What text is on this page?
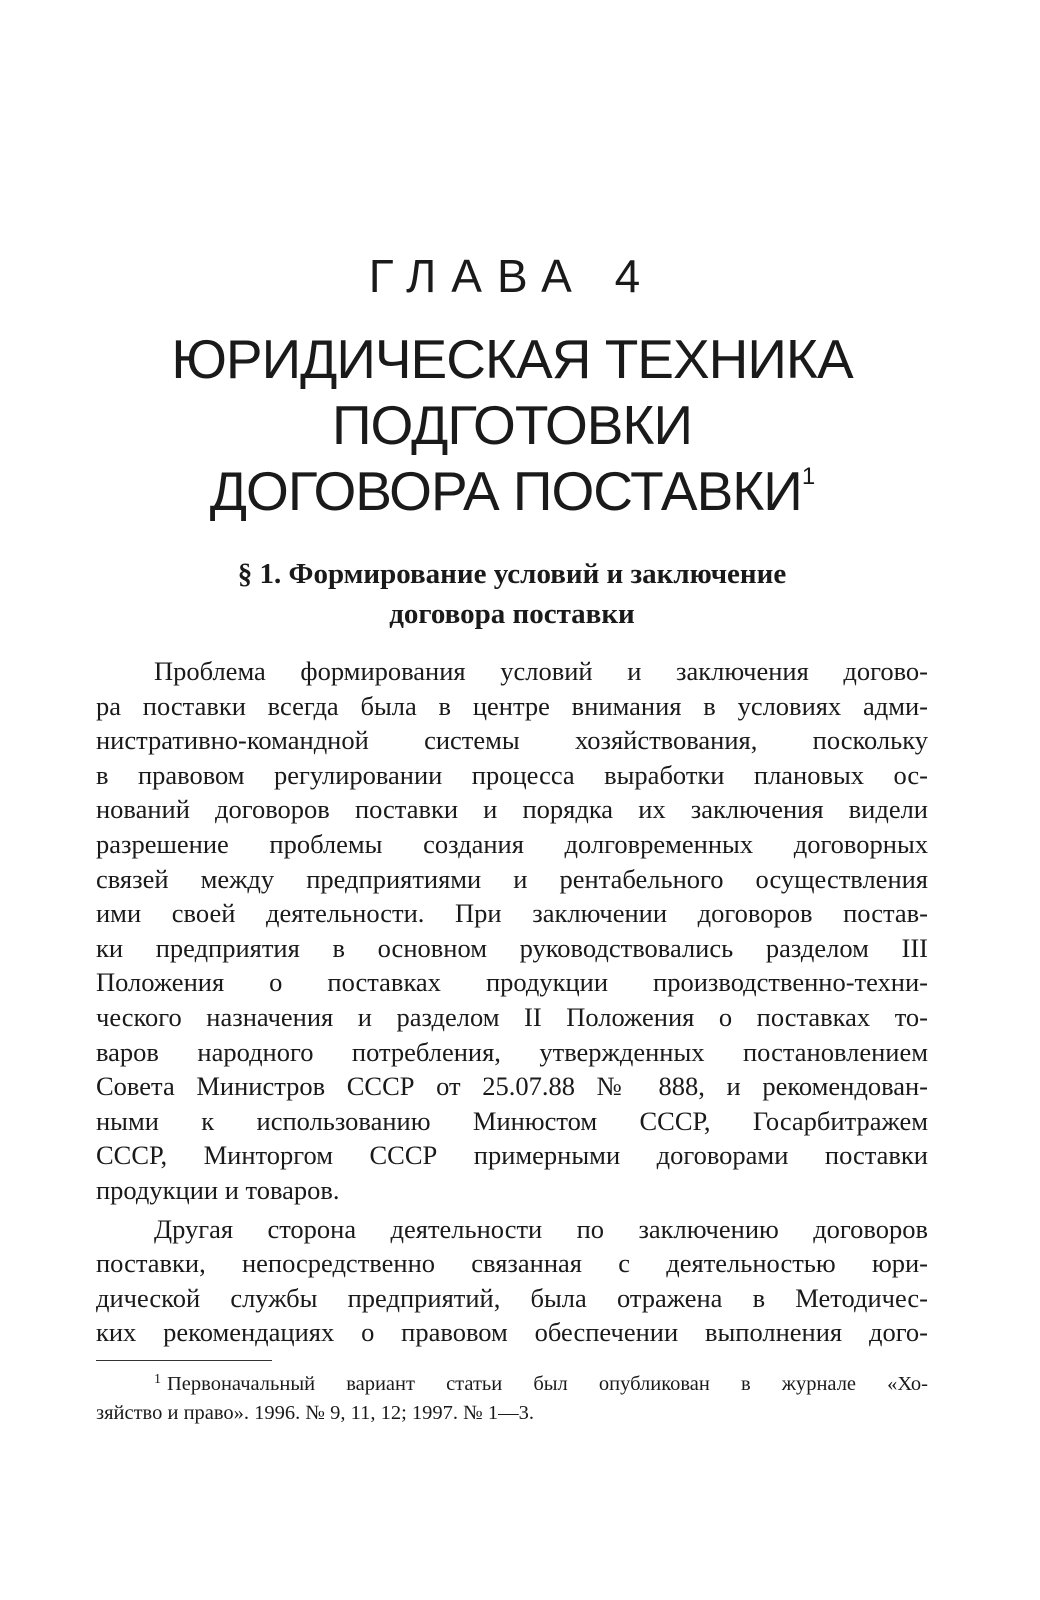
ГЛАВА 4
ЮРИДИЧЕСКАЯ ТЕХНИКА
ПОДГОТОВКИ
ДОГОВОРА ПОСТАВКИ$^1$
§ 1. Формирование условий и заключение
договора поставки
Проблема формирования условий и заключения догово-
ра поставки всегда была в центре внимания в условиях адми-
нистративно-командной системы хозяйствования, поскольку
в правовом регулировании процесса выработки плановых ос-
нований договоров поставки и порядка их заключения видели
разрешение проблемы создания долговременных договорных
связей между предприятиями и рентабельного осуществления
ими своей деятельности. При заключении договоров постав-
ки предприятия в основном руководствовались разделом III
Положения о поставках продукции производственно-техни-
ческого назначения и разделом II Положения о поставках то-
варов народного потребления, утвержденных постановлением
Совета Министров СССР от 25.07.88 № 888, и рекомендован-
ными к использованию Минюстом СССР, Госарбитражем
СССР, Минторгом СССР примерными договорами поставки
продукции и товаров.
Другая сторона деятельности по заключению договоров
поставки, непосредственно связанная с деятельностью юри-
дической службы предприятий, была отражена в Методичес-
ких рекомендациях о правовом обеспечении выполнения дого-
$^1$ Первоначальный вариант статьи был опубликован в журнале «Хо-
зяйство и право». 1996. № 9, 11, 12; 1997. № 1—3.
